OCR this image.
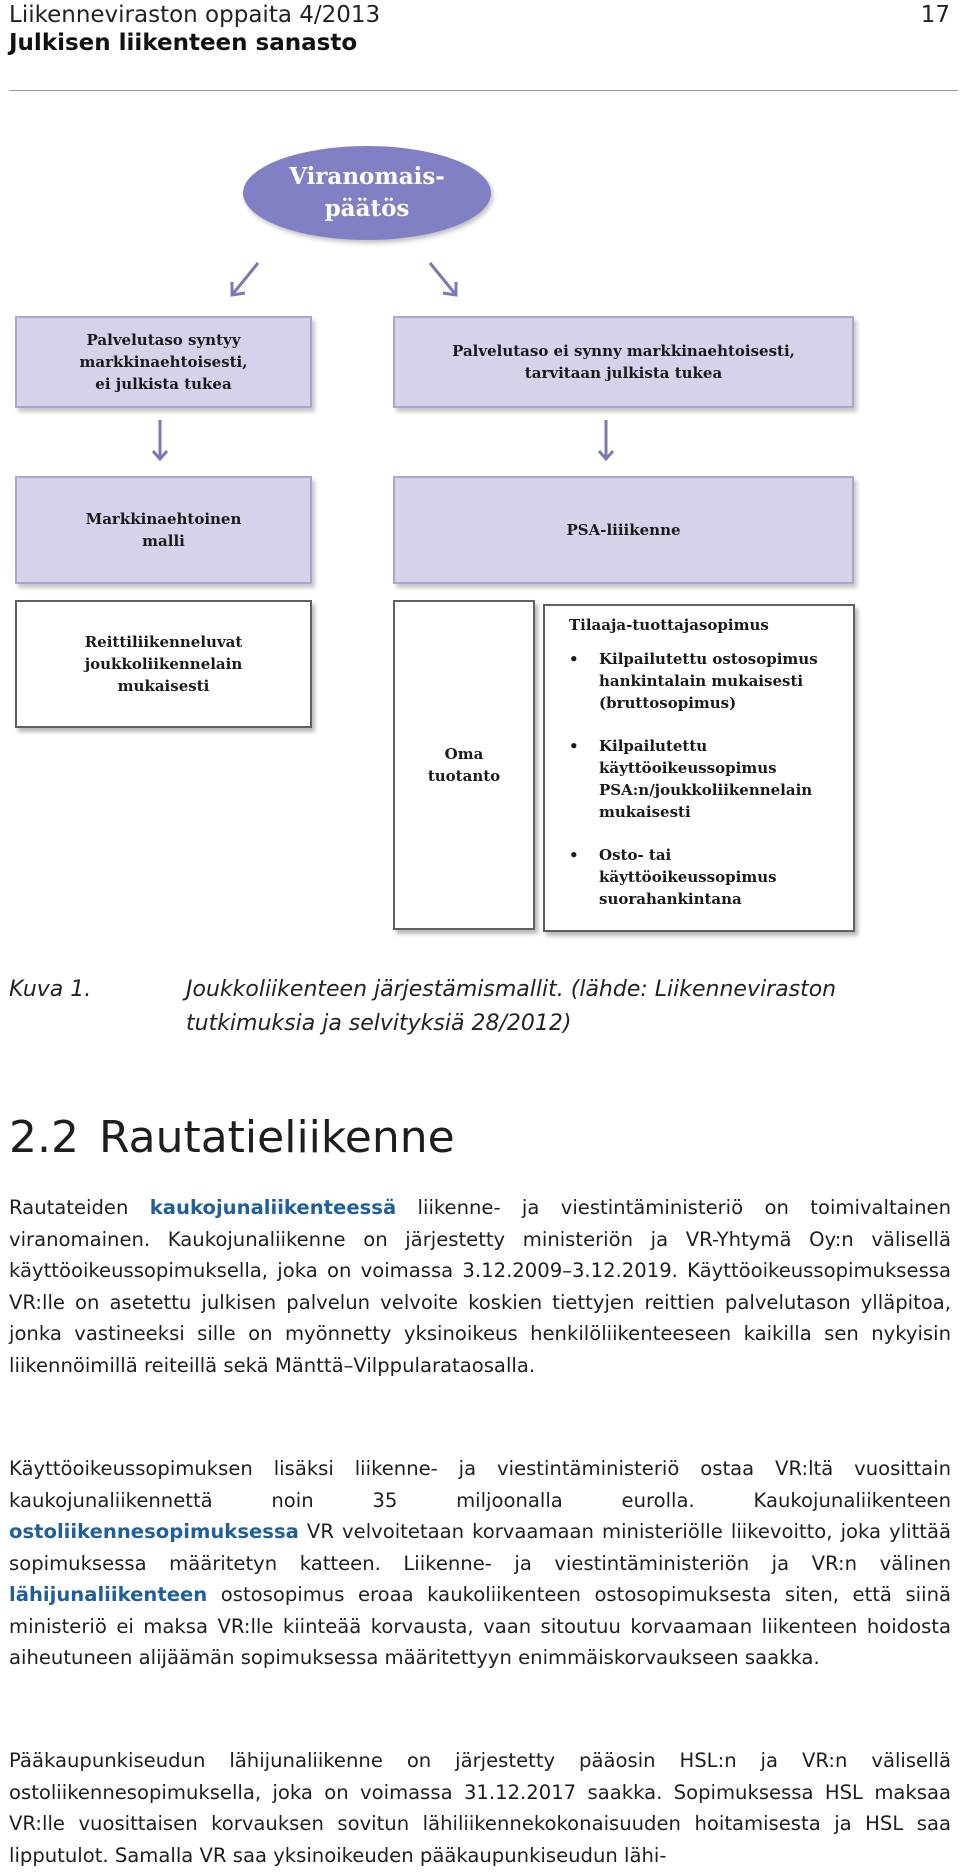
Liikenneviraston oppaita 4/2013
Julkisen liikenteen sanasto
17
Viranomais-
päätös
Palvelutaso syntyy
markkinaehtoisesti,
ei julkista tukea
Palvelutaso ei synny markkinaehtoisesti,
tarvitaan julkista tukea
Markkinaehtoinen
malli
PSA-liiikenne
Reittiliikenneluvat
joukkoliikennelain
mukaisesti
Oma
tuotanto
Tilaaja-tuottajasopimus
• Kilpailutettu ostosopimus
hankintalain mukaisesti
(bruttosopimus)
• Kilpailutettu
käyttöoikeussopimus
PSA:n/joukkoliikennelain
mukaisesti
• Osto- tai
käyttöoikeussopimus
suorahankintana
Kuva 1.	Joukkoliikenteen järjestämismallit. (lähde: Liikenneviraston tutkimuksia ja selvityksiä 28/2012)
2.2 Rautatieliikenne
Rautateiden kaukojunaliikenteessä liikenne- ja viestintäministeriö on toimivaltainen viranomainen. Kaukojunaliikenne on järjestetty ministeriön ja VR-Yhtymä Oy:n välisellä käyttöoikeussopimuksella, joka on voimassa 3.12.2009–3.12.2019. Käyttöoikeussopimuksessa VR:lle on asetettu julkisen palvelun velvoite koskien tiettyjen reittien palvelutason ylläpitoa, jonka vastineeksi sille on myönnetty yksinoikeus henkilöliikenteeseen kaikilla sen nykyisin liikennöimillä reiteillä sekä Mänttä–Vilppularataosalla.
Käyttöoikeussopimuksen lisäksi liikenne- ja viestintäministeriö ostaa VR:ltä vuosittain kaukojunaliikennettä noin 35 miljoonalla eurolla. Kaukojunaliikenteen ostoliikennesopimuksessa VR velvoitetaan korvaamaan ministeriölle liikevoitto, joka ylittää sopimuksessa määritetyn katteen. Liikenne- ja viestintäministeriön ja VR:n välinen lähijunaliikenteen ostosopimus eroaa kaukoliikenteen ostosopimuksesta siten, että siinä ministeriö ei maksa VR:lle kiinteää korvausta, vaan sitoutuu korvaamaan liikenteen hoidosta aiheutuneen alijäämän sopimuksessa määritettyyn enimmäiskorvaukseen saakka.
Pääkaupunkiseudun lähijunaliikenne on järjestetty pääosin HSL:n ja VR:n välisellä ostoliikennesopimuksella, joka on voimassa 31.12.2017 saakka. Sopimuksessa HSL maksaa VR:lle vuosittaisen korvauksen sovitun lähiliikennekokonaisuuden hoitamisesta ja HSL saa lipputulot. Samalla VR saa yksinoikeuden pääkaupunkiseudun lähi-
